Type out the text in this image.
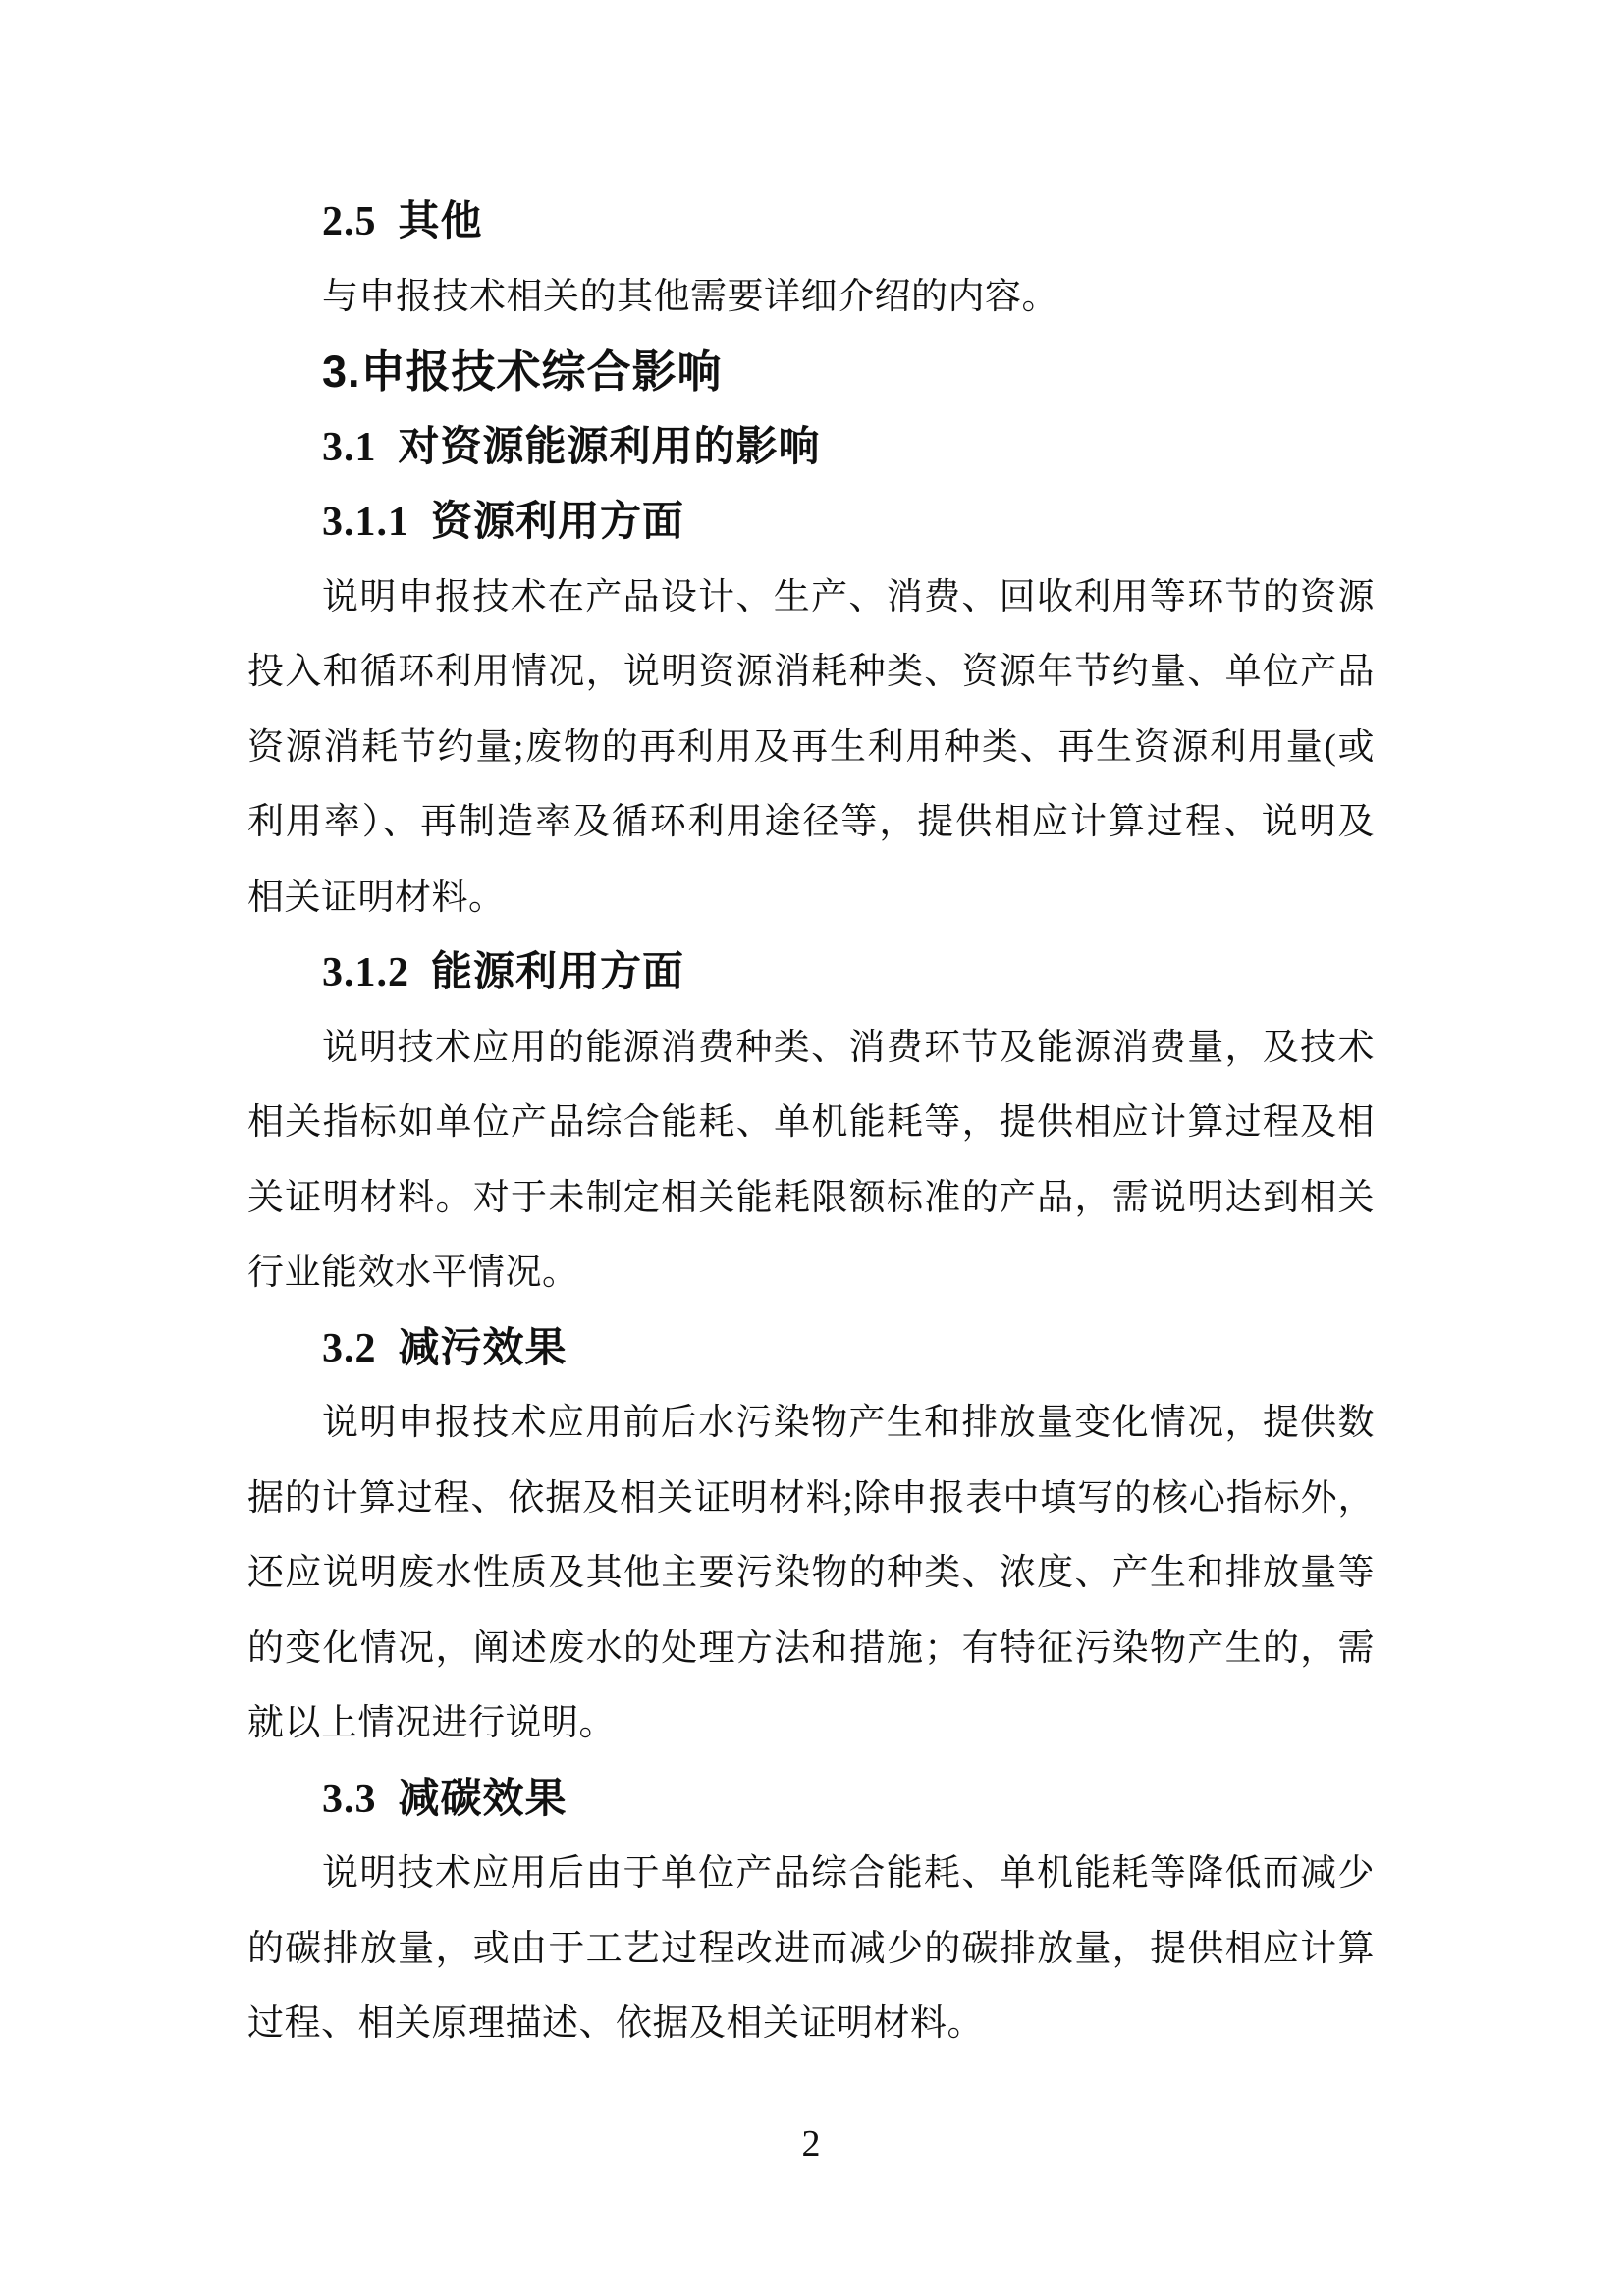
2.5 其他
与申报技术相关的其他需要详细介绍的内容。
3.申报技术综合影响
3.1 对资源能源利用的影响
3.1.1 资源利用方面
说明申报技术在产品设计、生产、消费、回收利用等环节的资源
投入和循环利用情况，说明资源消耗种类、资源年节约量、单位产品
资源消耗节约量;废物的再利用及再生利用种类、再生资源利用量(或
利用率）、再制造率及循环利用途径等，提供相应计算过程、说明及
相关证明材料。
3.1.2 能源利用方面
说明技术应用的能源消费种类、消费环节及能源消费量，及技术
相关指标如单位产品综合能耗、单机能耗等，提供相应计算过程及相
关证明材料。对于未制定相关能耗限额标准的产品，需说明达到相关
行业能效水平情况。
3.2 减污效果
说明申报技术应用前后水污染物产生和排放量变化情况，提供数
据的计算过程、依据及相关证明材料;除申报表中填写的核心指标外，
还应说明废水性质及其他主要污染物的种类、浓度、产生和排放量等
的变化情况，阐述废水的处理方法和措施；有特征污染物产生的，需
就以上情况进行说明。
3.3 减碳效果
说明技术应用后由于单位产品综合能耗、单机能耗等降低而减少
的碳排放量，或由于工艺过程改进而减少的碳排放量，提供相应计算
过程、相关原理描述、依据及相关证明材料。
2
